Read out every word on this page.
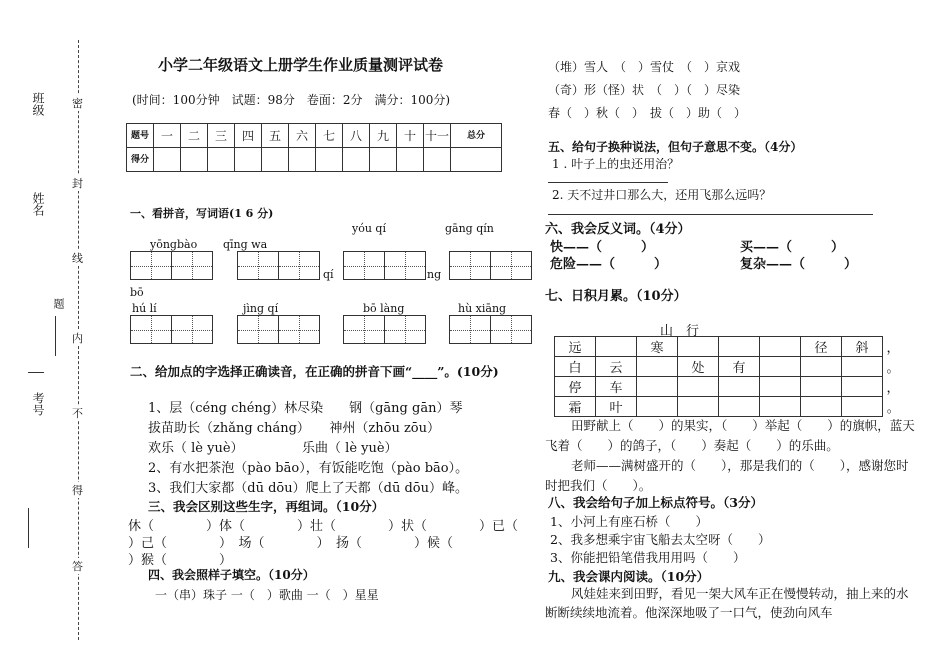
班级
姓名
考号
题
密
封
线
内
不
得
答
小学二年级语文上册学生作业质量测评试卷
(时间：100分钟　试题：98分　卷面：2分　满分：100分)
题号	一	二	三	四	五	六	七	八	九	十	十一	总分
得分												
一、看拼音，写词语(1 6 分)
yóu qí	gāng qín
yōngbào qīng wa
qí	ng
bō
hú lí	jìng qí	bō làng	hù xiāng
二、给加点的字选择正确读音，在正确的拼音下画“____”。(10分)
1、层（céng chéng）林尽染　　钢（gāng gān）琴
拔苗助长（zhǎng cháng）　　神州（zhōu zōu）
欢乐（ lè yuè）　　　　　乐曲（ lè yuè）
2、有水把茶泡（pào bāo），有饭能吃饱（pào bāo）。
3、我们大家都（dū dōu）爬上了天都（dū dōu）峰。
三、我会区别这些生字，再组词。（10分）
休（　　　　）体（　　　　）壮（　　　　）状（　　　　）已（
）己（　　　　）　场（　　　　）　扬（　　　　）候（
）猴（　　　　）
四、我会照样子填空。（10分）
一（串）珠子 一（　）歌曲 一（　）星星
（堆）雪人　（　）雪仗　（　）京戏
（奇）形（怪）状　（　）（　）尽染
春（　）秋（　）　拔（　）助（　）
五、给句子换种说法，但句子意思不变。（4分）
1 . 叶子上的虫还用治？
2. 天不过井口那么大，还用飞那么远吗？
六、我会反义词。（4分）
快——（　　　）	买——（　　　）
危险——（　　　）	复杂——（　　　）
七、日积月累。（10分）
山　行
远		寒				径	斜	，
白	云		处	有				。
停	车							，
霜	叶							。
田野献上（　　）的果实，（　　）举起（　　）的旗帜，蓝天飞着（　　）的鸽子，（　　）奏起（　　）的乐曲。
老师——满树盛开的（　　），那是我们的（　　），感谢您时时把我们（　　）。
八、我会给句子加上标点符号。（3分）
1、小河上有座石桥（　　）
2、我多想乘宇宙飞船去太空呀（　　）
3、你能把铅笔借我用用吗（　　）
九、我会课内阅读。（10分）
风娃娃来到田野，看见一架大风车正在慢慢转动，抽上来的水断断续续地流着。他深深地吸了一口气，使劲向风车
